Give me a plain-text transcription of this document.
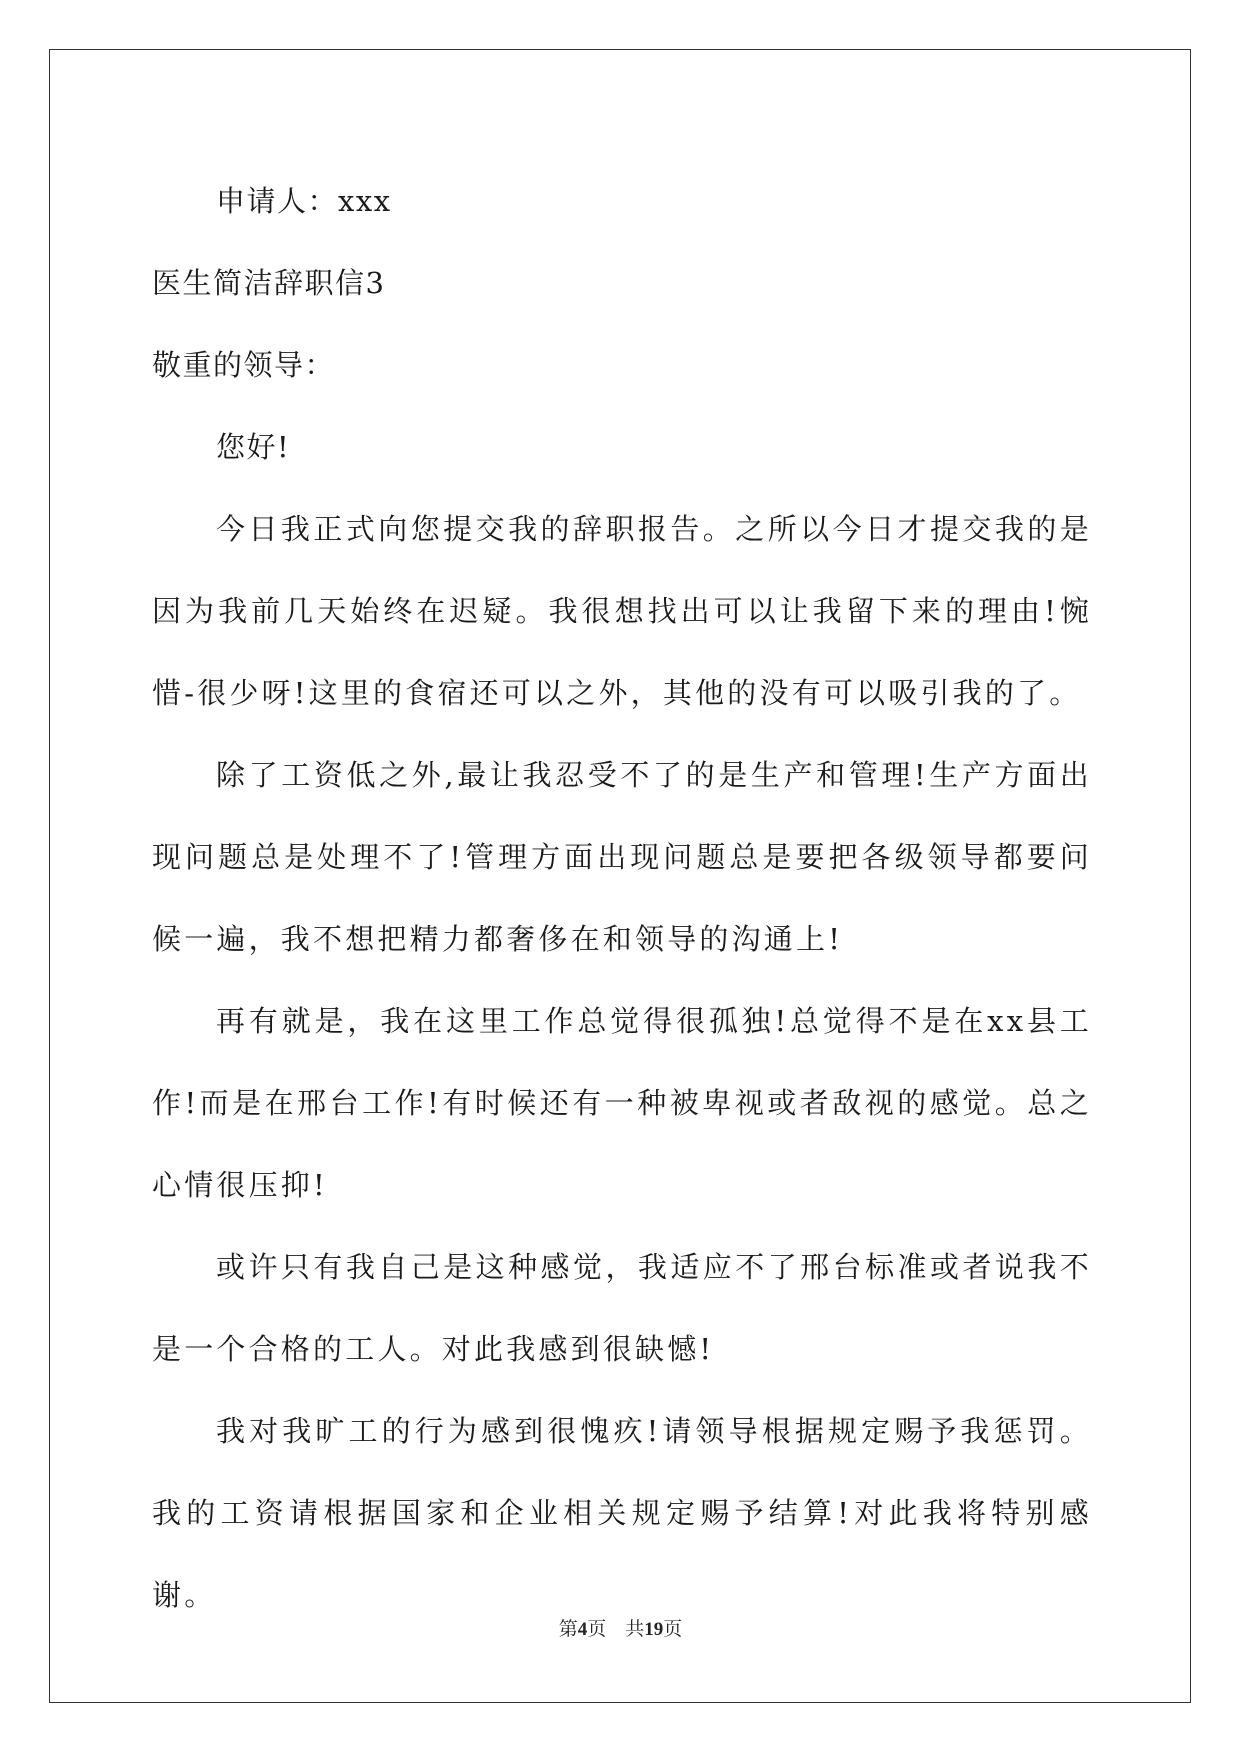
申请人：xxx
医生简洁辞职信3
敬重的领导：
您好!

今日我正式向您提交我的辞职报告。之所以今日才提交我的是因为我前几天始终在迟疑。我很想找出可以让我留下来的理由!惋惜-很少呀!这里的食宿还可以之外，其他的没有可以吸引我的了。

除了工资低之外,最让我忍受不了的是生产和管理!生产方面出现问题总是处理不了!管理方面出现问题总是要把各级领导都要问候一遍，我不想把精力都奢侈在和领导的沟通上!

再有就是，我在这里工作总觉得很孤独!总觉得不是在xx县工作!而是在邢台工作!有时候还有一种被卑视或者敌视的感觉。总之心情很压抑!

或许只有我自己是这种感觉，我适应不了邢台标准或者说我不是一个合格的工人。对此我感到很缺憾!

我对我旷工的行为感到很愧疚!请领导根据规定赐予我惩罚。我的工资请根据国家和企业相关规定赐予结算!对此我将特别感谢。

第4页　共19页
